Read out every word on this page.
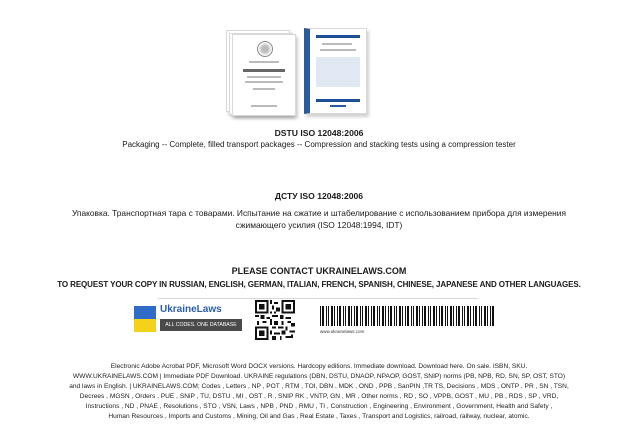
DSTU ISO 12048:2006
Packaging -- Complete, filled transport packages -- Compression and stacking tests using a compression tester
ДСТУ ISO 12048:2006
Упаковка. Транспортная тара с товарами. Испытание на сжатие и штабелирование с использованием прибора для измерения сжимающего усилия (ISO 12048:1994, IDT)
PLEASE CONTACT UKRAINELAWS.COM
TO REQUEST YOUR COPY IN RUSSIAN, ENGLISH, GERMAN, ITALIAN, FRENCH, SPANISH, CHINESE, JAPANESE AND OTHER LANGUAGES.
UkraineLaws
ALL CODES. ONE DATABASE
www.ukrainelaws.com

Electronic Adobe Acrobat PDF, Microsoft Word DOCX versions. Hardcopy editions. Immediate download. Download here. On sale. ISBN, SKU.

WWW.UKRAINELAWS.COM | Immediate PDF Download. UKRAINE regulations (DBN, DSTU, DNAOP, NPAOP, GOST, SNIP) norms (PB, NPB, RD, SN, SP, OST, STO)

and laws in English. | UKRAINELAWS.COM; Codes , Letters , NP , POT , RTM , TOI, DBN , MDK , OND , PPB , SanPIN ,TR TS, Decisions , MDS , ONTP , PR , SN , TSN,

Decrees , MGSN , Orders , PUE , SNiP , TU, DSTU , MI , OST , R , SNIP RK , VNTP, GN , MR , Other norms , RD , SO , VPPB, GOST , MU , PB , RDS , SP , VRD,

Instructions , ND , PNAE , Resolutions , STO , VSN, Laws , NPB , PND , RMU , TI , Construction , Engineering , Environment , Government, Health and Safety ,

Human Resources , Imports and Customs , Mining, Oil and Gas , Real Estate , Taxes , Transport and Logistics, railroad, railway, nuclear, atomic.
